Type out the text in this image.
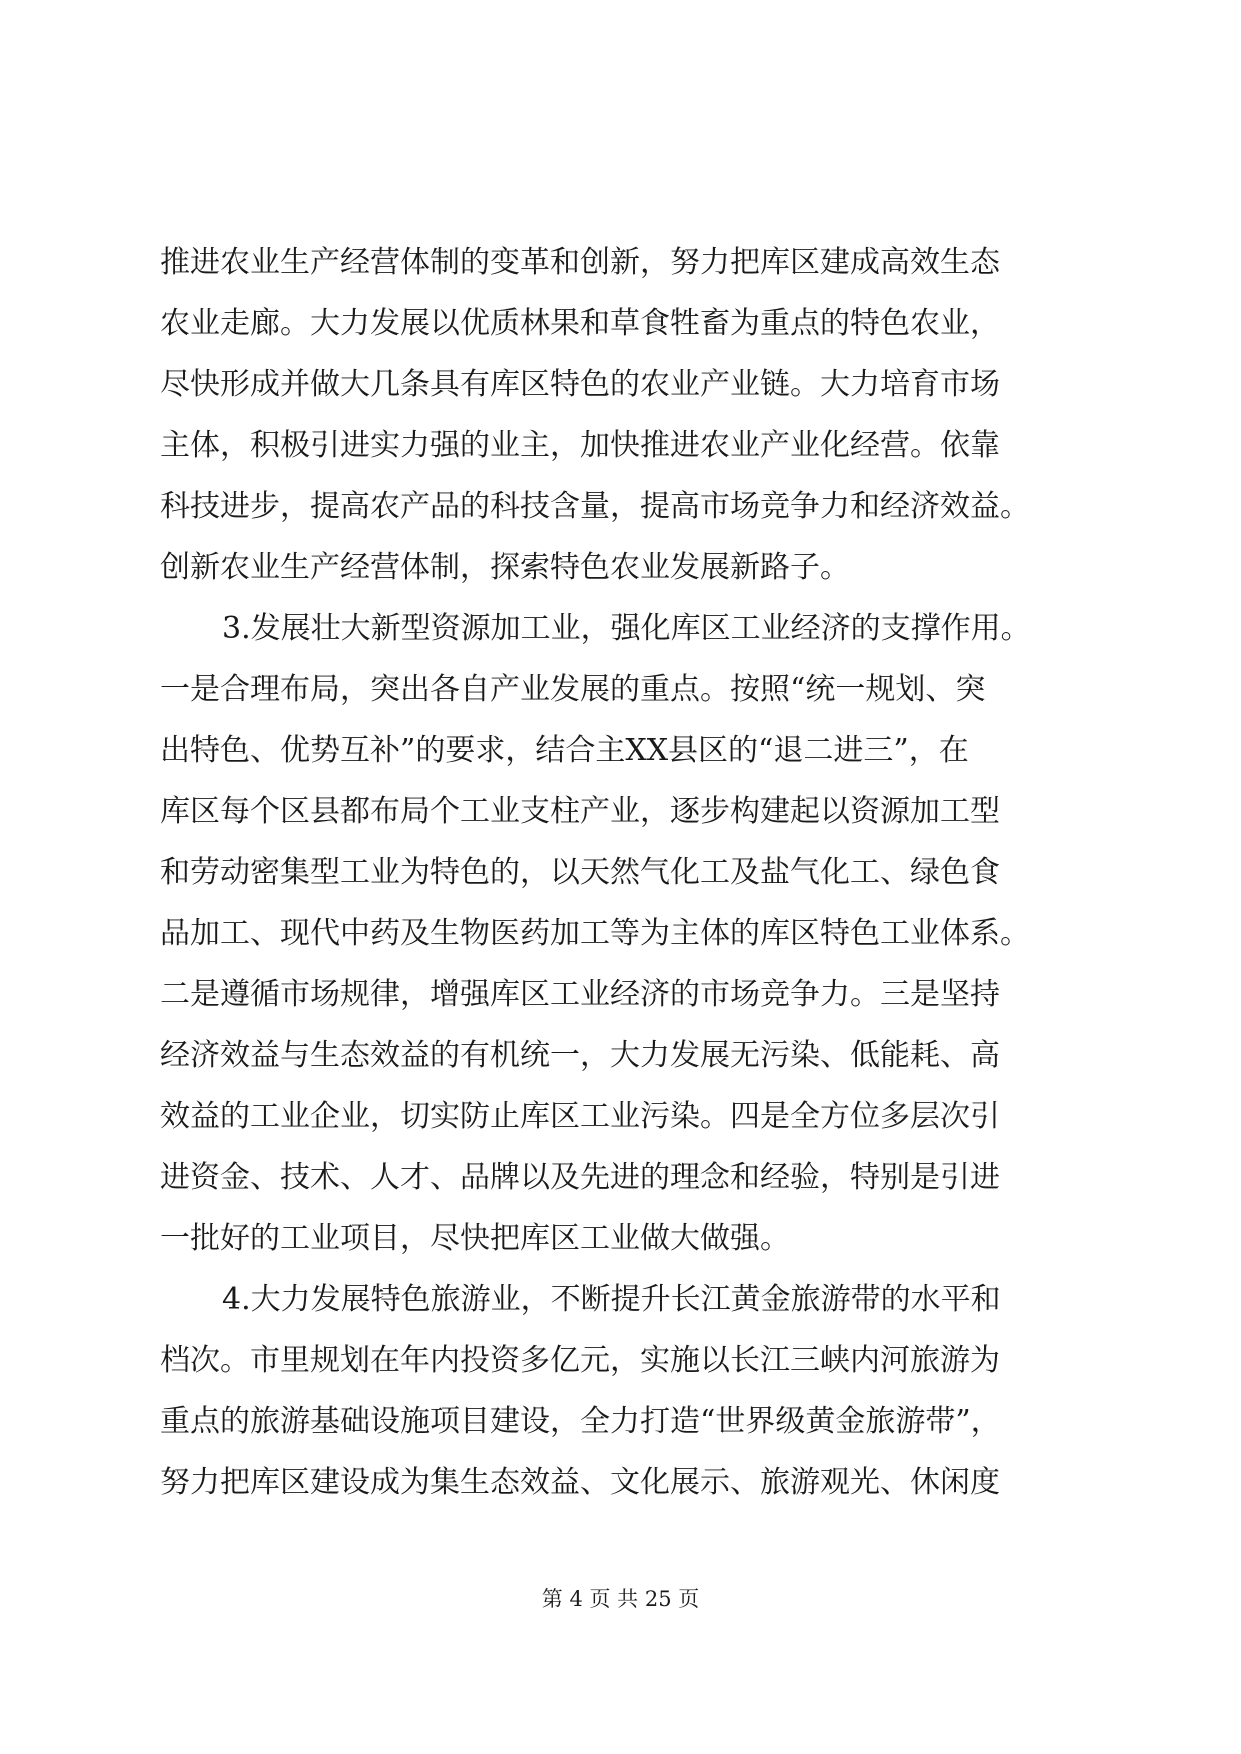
推进农业生产经营体制的变革和创新，努力把库区建成高效生态
农业走廊。大力发展以优质林果和草食牲畜为重点的特色农业，
尽快形成并做大几条具有库区特色的农业产业链。大力培育市场
主体，积极引进实力强的业主，加快推进农业产业化经营。依靠
科技进步，提高农产品的科技含量，提高市场竞争力和经济效益。
创新农业生产经营体制，探索特色农业发展新路子。
3.发展壮大新型资源加工业，强化库区工业经济的支撑作用。
一是合理布局，突出各自产业发展的重点。按照“统一规划、突
出特色、优势互补”的要求，结合主XX县区的“退二进三”，在
库区每个区县都布局个工业支柱产业，逐步构建起以资源加工型
和劳动密集型工业为特色的，以天然气化工及盐气化工、绿色食
品加工、现代中药及生物医药加工等为主体的库区特色工业体系。
二是遵循市场规律，增强库区工业经济的市场竞争力。三是坚持
经济效益与生态效益的有机统一，大力发展无污染、低能耗、高
效益的工业企业，切实防止库区工业污染。四是全方位多层次引
进资金、技术、人才、品牌以及先进的理念和经验，特别是引进
一批好的工业项目，尽快把库区工业做大做强。
4.大力发展特色旅游业，不断提升长江黄金旅游带的水平和
档次。市里规划在年内投资多亿元，实施以长江三峡内河旅游为
重点的旅游基础设施项目建设，全力打造“世界级黄金旅游带”，
努力把库区建设成为集生态效益、文化展示、旅游观光、休闲度
第 4 页 共 25 页
